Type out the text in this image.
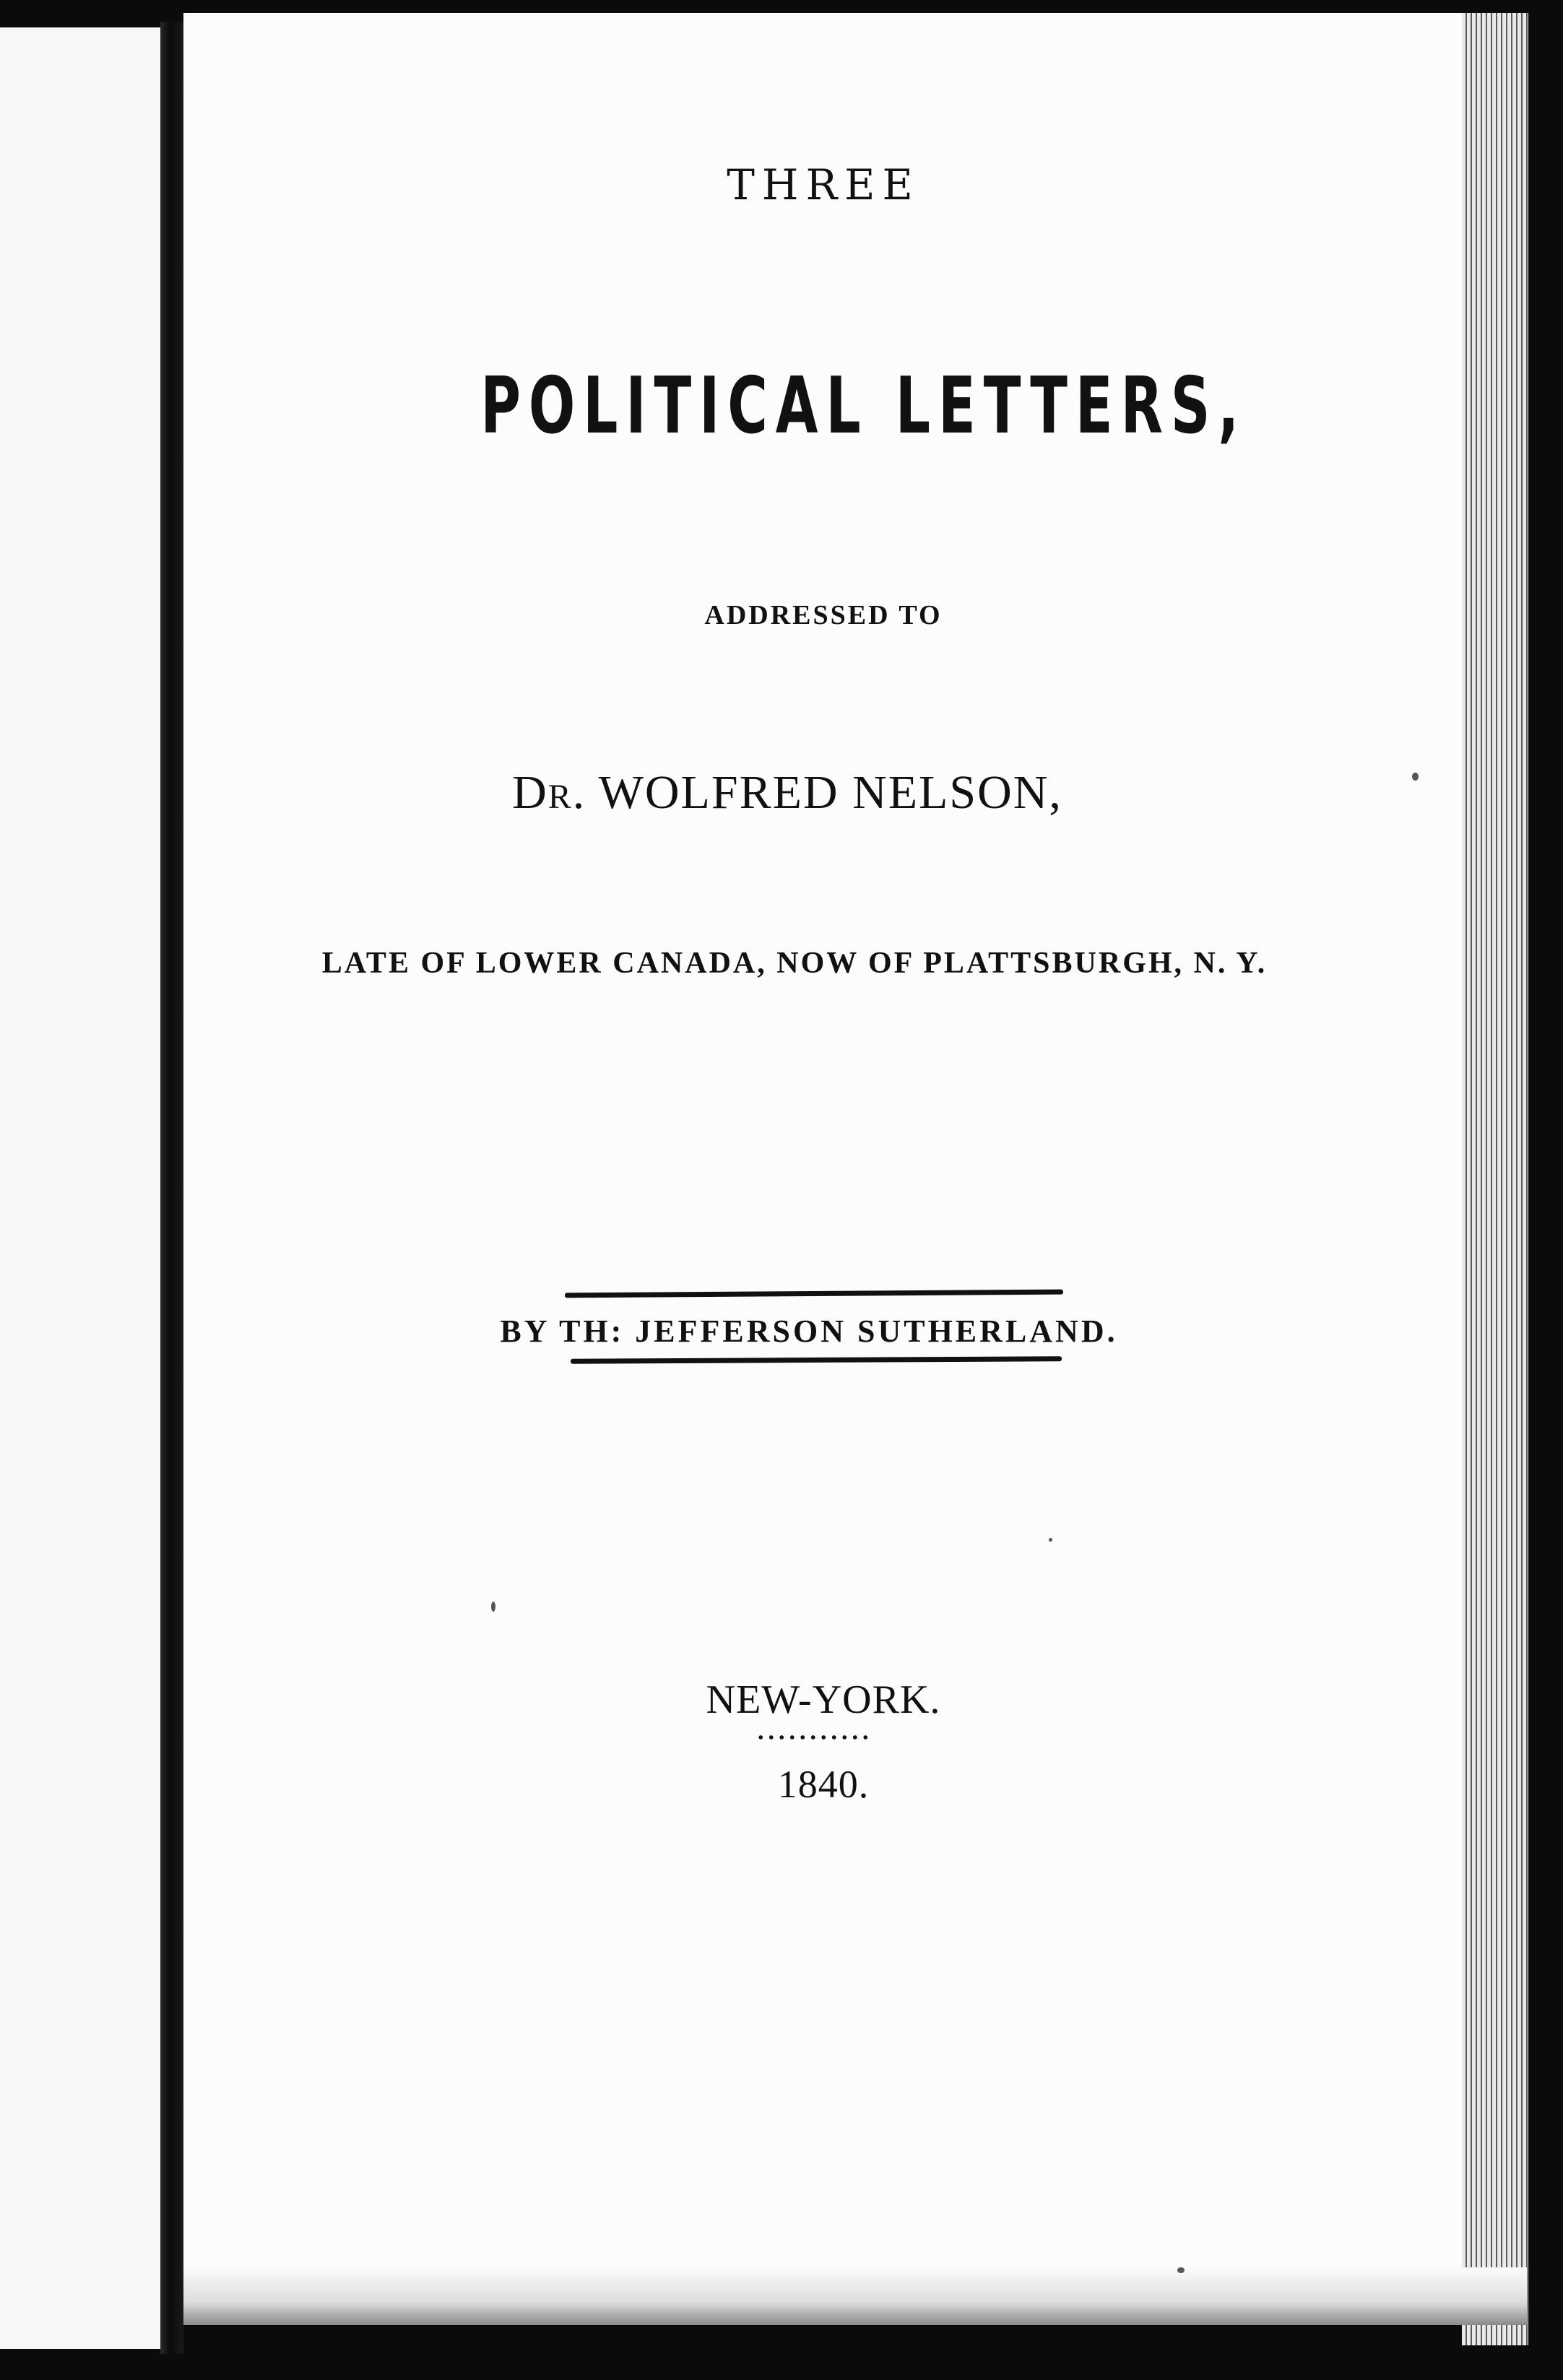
THREE
POLITICAL LETTERS,
ADDRESSED TO
DR. WOLFRED NELSON,
LATE OF LOWER CANADA, NOW OF PLATTSBURGH, N. Y.
BY TH: JEFFERSON SUTHERLAND.
NEW-YORK.
1840.
